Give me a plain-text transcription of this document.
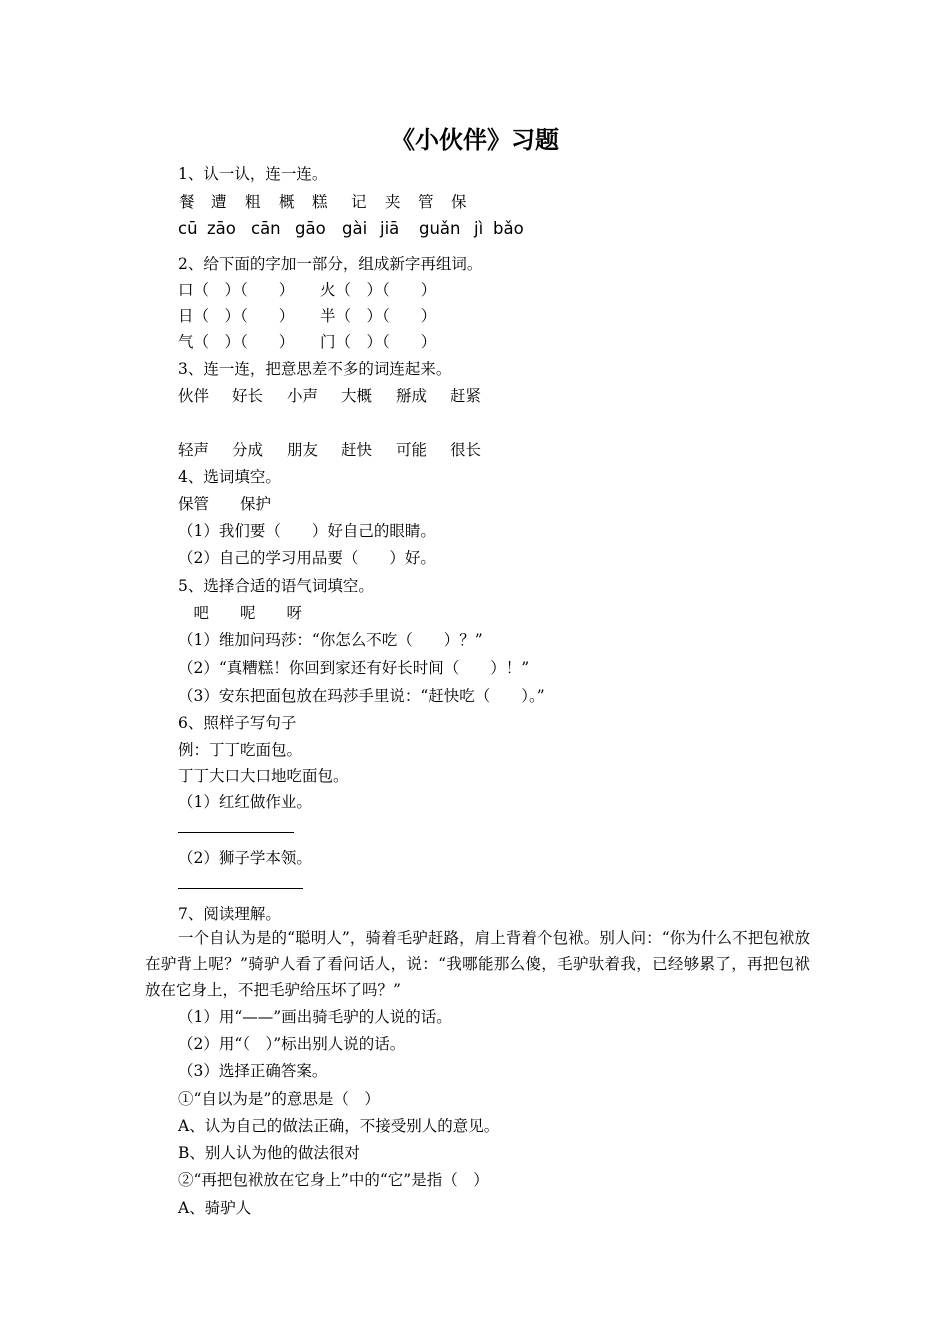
《小伙伴》习题
1、认一认，连一连。
餐 遭 粗 概 糕 记 夹 管 保
cū zāo cān gāo gài jiā guǎn jì bǎo
2、给下面的字加一部分，组成新字再组词。
口（　）（　　） 火（　）（　　）
日（　）（　　） 半（　）（　　）
气（　）（　　） 门（　）（　　）
3、连一连，把意思差不多的词连起来。
伙伴 好长 小声 大概 掰成 赶紧
轻声 分成 朋友 赶快 可能 很长
4、选词填空。
保管　　保护
（1）我们要（　　）好自己的眼睛。
（2）自己的学习用品要（　　）好。
5、选择合适的语气词填空。
　吧　　呢　　呀
（1）维加问玛莎：“你怎么不吃（　　）？”
（2）“真糟糕！你回到家还有好长时间（　　）！”
（3）安东把面包放在玛莎手里说：“赶快吃（　　）。”
6、照样子写句子
例：丁丁吃面包。
丁丁大口大口地吃面包。
（1）红红做作业。
（2）狮子学本领。
7、阅读理解。
一个自认为是的“聪明人”，骑着毛驴赶路，肩上背着个包袱。别人问：“你为什么不把包袱放在驴背上呢？”骑驴人看了看问话人，说：“我哪能那么傻，毛驴驮着我，已经够累了，再把包袱放在它身上，不把毛驴给压坏了吗？”
（1）用“——”画出骑毛驴的人说的话。
（2）用“（　）”标出别人说的话。
（3）选择正确答案。
①“自以为是”的意思是（　）
A、认为自己的做法正确，不接受别人的意见。
B、别人认为他的做法很对
②“再把包袱放在它身上”中的“它”是指（　）
A、骑驴人
